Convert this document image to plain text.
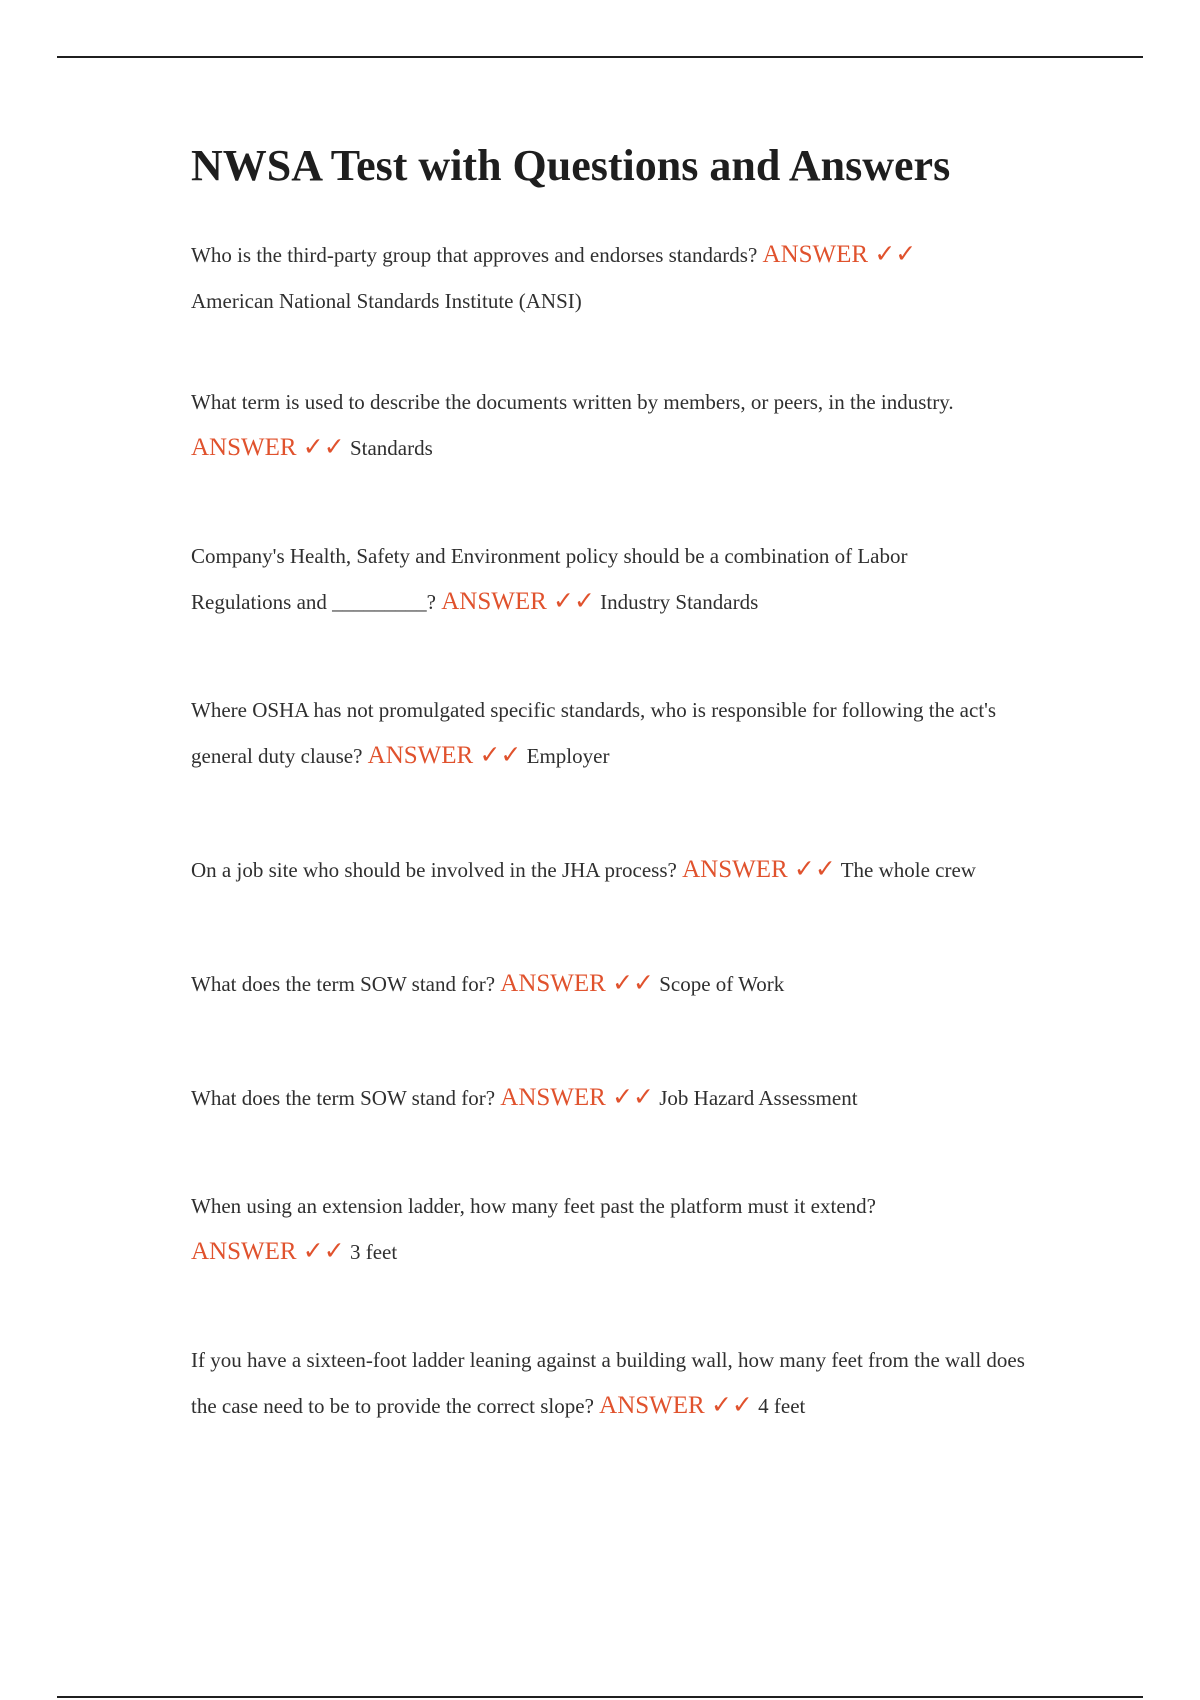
NWSA Test with Questions and Answers
Who is the third-party group that approves and endorses standards? ANSWER ✓✓ American National Standards Institute (ANSI)
What term is used to describe the documents written by members, or peers, in the industry. ANSWER ✓✓ Standards
Company's Health, Safety and Environment policy should be a combination of Labor Regulations and _________? ANSWER ✓✓ Industry Standards
Where OSHA has not promulgated specific standards, who is responsible for following the act's general duty clause? ANSWER ✓✓ Employer
On a job site who should be involved in the JHA process? ANSWER ✓✓ The whole crew
What does the term SOW stand for? ANSWER ✓✓ Scope of Work
What does the term SOW stand for? ANSWER ✓✓ Job Hazard Assessment
When using an extension ladder, how many feet past the platform must it extend? ANSWER ✓✓ 3 feet
If you have a sixteen-foot ladder leaning against a building wall, how many feet from the wall does the case need to be to provide the correct slope? ANSWER ✓✓ 4 feet
